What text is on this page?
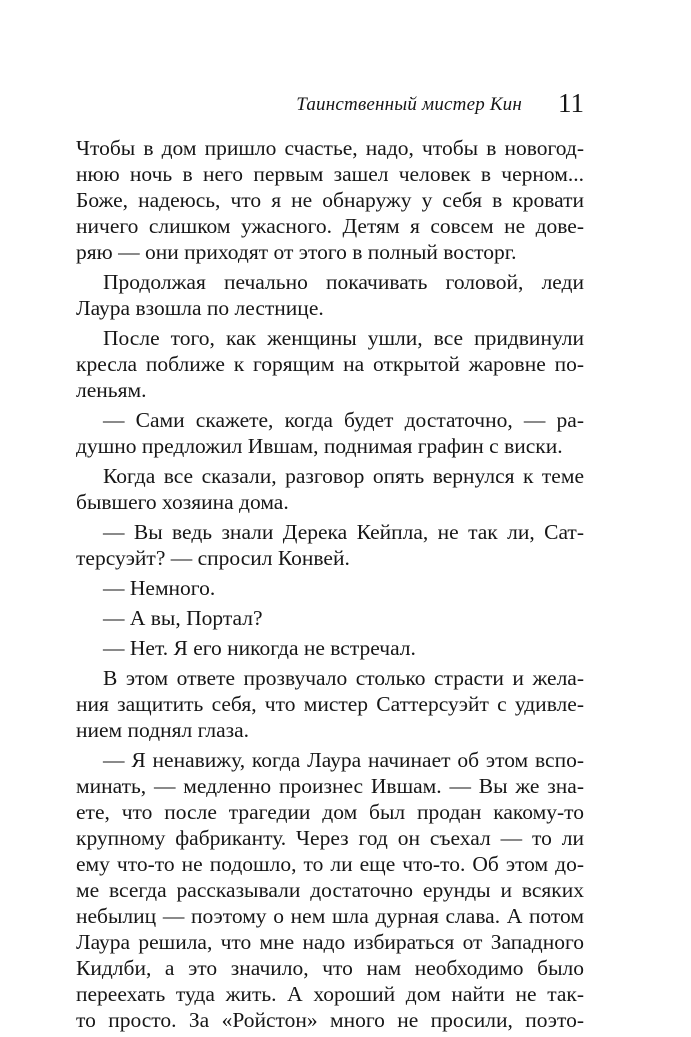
Таинственный мистер Кин 11
Чтобы в дом пришло счастье, надо, чтобы в новогод-
нюю ночь в него первым зашел человек в черном...
Боже, надеюсь, что я не обнаружу у себя в кровати
ничего слишком ужасного. Детям я совсем не дове-
ряю — они приходят от этого в полный восторг.
Продолжая печально покачивать головой, леди
Лаура взошла по лестнице.
После того, как женщины ушли, все придвинули
кресла поближе к горящим на открытой жаровне по-
леньям.
— Сами скажете, когда будет достаточно, — ра-
душно предложил Ившам, поднимая графин с виски.
Когда все сказали, разговор опять вернулся к теме
бывшего хозяина дома.
— Вы ведь знали Дерека Кейпла, не так ли, Сат-
терсуэйт? — спросил Конвей.
— Немного.
— А вы, Портал?
— Нет. Я его никогда не встречал.
В этом ответе прозвучало столько страсти и жела-
ния защитить себя, что мистер Саттерсуэйт с удивле-
нием поднял глаза.
— Я ненавижу, когда Лаура начинает об этом вспо-
минать, — медленно произнес Ившам. — Вы же зна-
ете, что после трагедии дом был продан какому-то
крупному фабриканту. Через год он съехал — то ли
ему что-то не подошло, то ли еще что-то. Об этом до-
ме всегда рассказывали достаточно ерунды и всяких
небылиц — поэтому о нем шла дурная слава. А потом
Лаура решила, что мне надо избираться от Западного
Кидлби, а это значило, что нам необходимо было
переехать туда жить. А хороший дом найти не так-
то просто. За «Ройстон» много не просили, поэто-
